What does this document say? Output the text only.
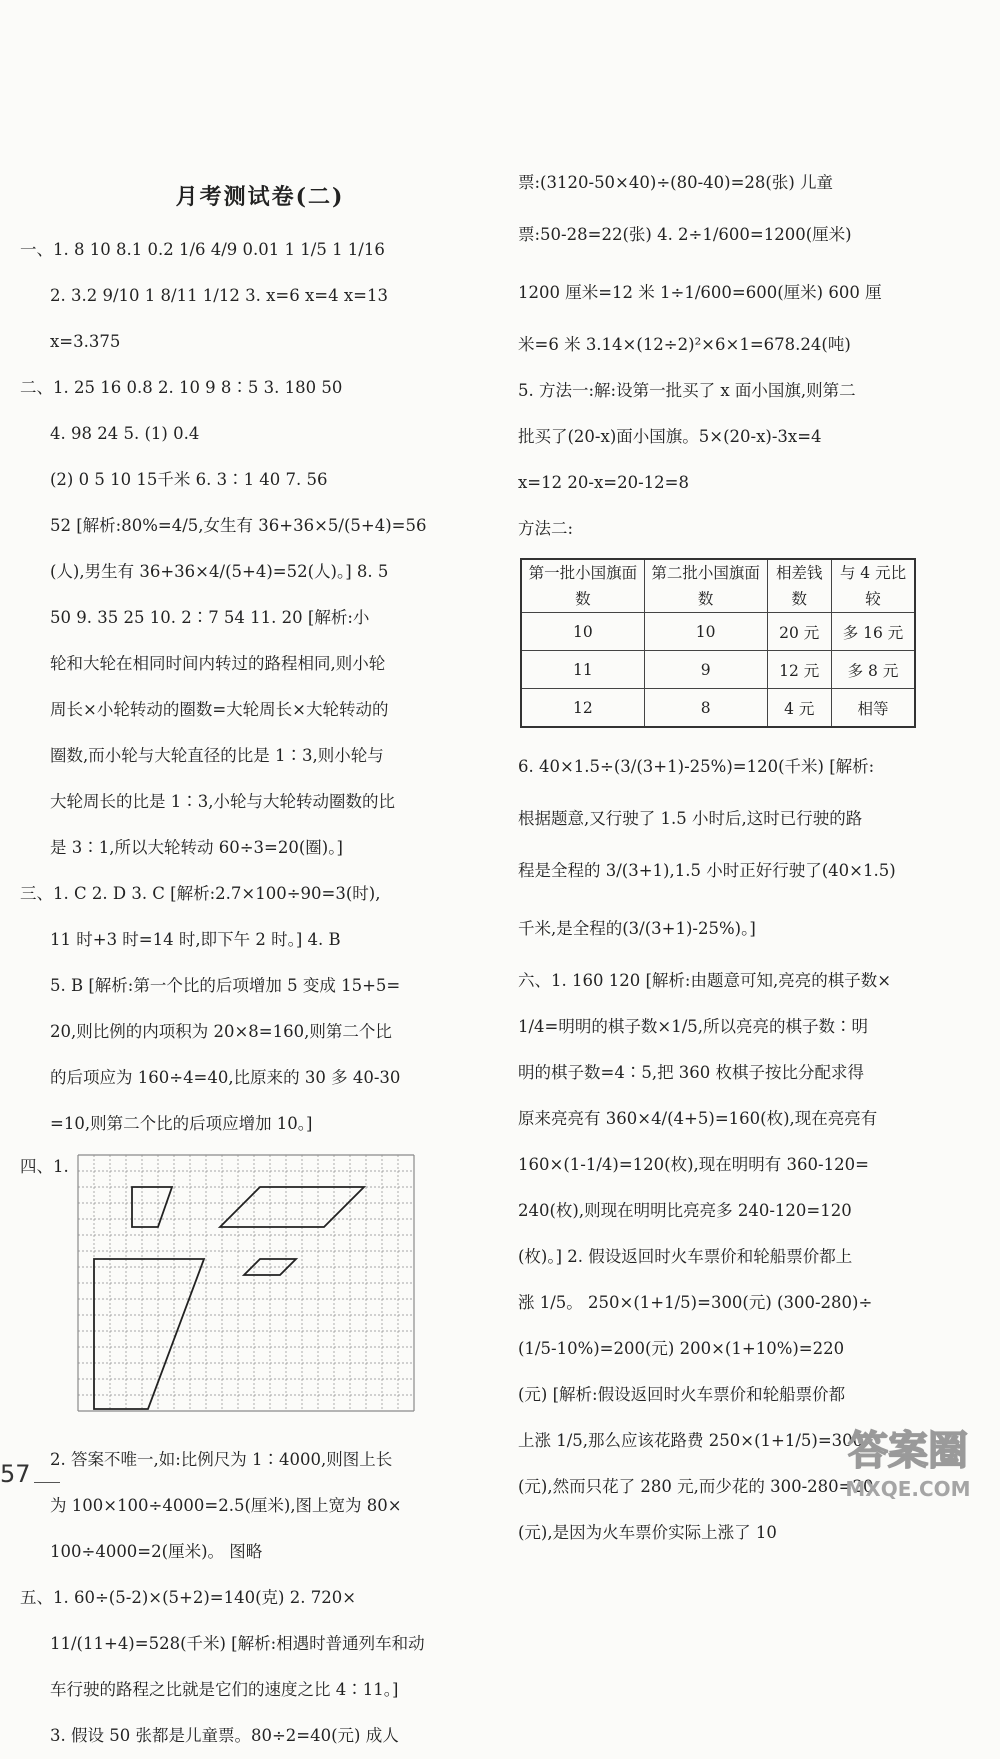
月考测试卷(二)
一、1. 8 10 8.1 0.2 1/6 4/9 0.01 1 1/5 1 1/16
2. 3.2 9/10 1 8/11 1/12 3. x=6 x=4 x=13
x=3.375
二、1. 25 16 0.8 2. 10 9 8∶5 3. 180 50
4. 98 24 5. (1) 0.4
(2) 0 5 10 15千米 6. 3∶1 40 7. 56
52 [解析:80%=4/5,女生有 36+36×5/(5+4)=56
(人),男生有 36+36×4/(5+4)=52(人)。] 8. 5
50 9. 35 25 10. 2∶7 54 11. 20 [解析:小
轮和大轮在相同时间内转过的路程相同,则小轮
周长×小轮转动的圈数=大轮周长×大轮转动的
圈数,而小轮与大轮直径的比是 1∶3,则小轮与
大轮周长的比是 1∶3,小轮与大轮转动圈数的比
是 3∶1,所以大轮转动 60÷3=20(圈)。]
三、1. C 2. D 3. C [解析:2.7×100÷90=3(时),
11 时+3 时=14 时,即下午 2 时。] 4. B
5. B [解析:第一个比的后项增加 5 变成 15+5=
20,则比例的内项积为 20×8=160,则第二个比
的后项应为 160÷4=40,比原来的 30 多 40-30
=10,则第二个比的后项应增加 10。]
四、1.
2. 答案不唯一,如:比例尺为 1∶4000,则图上长
为 100×100÷4000=2.5(厘米),图上宽为 80×
100÷4000=2(厘米)。 图略
五、1. 60÷(5-2)×(5+2)=140(克) 2. 720×
11/(11+4)=528(千米) [解析:相遇时普通列车和动
车行驶的路程之比就是它们的速度之比 4∶11。]
3. 假设 50 张都是儿童票。80÷2=40(元) 成人
票:(3120-50×40)÷(80-40)=28(张) 儿童
票:50-28=22(张) 4. 2÷1/600=1200(厘米)
1200 厘米=12 米 1÷1/600=600(厘米) 600 厘
米=6 米 3.14×(12÷2)²×6×1=678.24(吨)
5. 方法一:解:设第一批买了 x 面小国旗,则第二
批买了(20-x)面小国旗。5×(20-x)-3x=4
x=12 20-x=20-12=8
方法二:
第一批小国旗面数	第二批小国旗面数	相差钱数	与 4 元比较
10	10	20 元	多 16 元
11	9	12 元	多 8 元
12	8	4 元	相等
6. 40×1.5÷(3/(3+1)-25%)=120(千米) [解析:
根据题意,又行驶了 1.5 小时后,这时已行驶的路
程是全程的 3/(3+1),1.5 小时正好行驶了(40×1.5)
千米,是全程的(3/(3+1)-25%)。]
六、1. 160 120 [解析:由题意可知,亮亮的棋子数×
1/4=明明的棋子数×1/5,所以亮亮的棋子数∶明
明的棋子数=4∶5,把 360 枚棋子按比分配求得
原来亮亮有 360×4/(4+5)=160(枚),现在亮亮有
160×(1-1/4)=120(枚),现在明明有 360-120=
240(枚),则现在明明比亮亮多 240-120=120
(枚)。] 2. 假设返回时火车票价和轮船票价都上
涨 1/5。 250×(1+1/5)=300(元) (300-280)÷
(1/5-10%)=200(元) 200×(1+10%)=220
(元) [解析:假设返回时火车票价和轮船票价都
上涨 1/5,那么应该花路费 250×(1+1/5)=300
(元),然而只花了 280 元,而少花的 300-280=20
(元),是因为火车票价实际上涨了 10
57	答案圈
MXQE.COM
